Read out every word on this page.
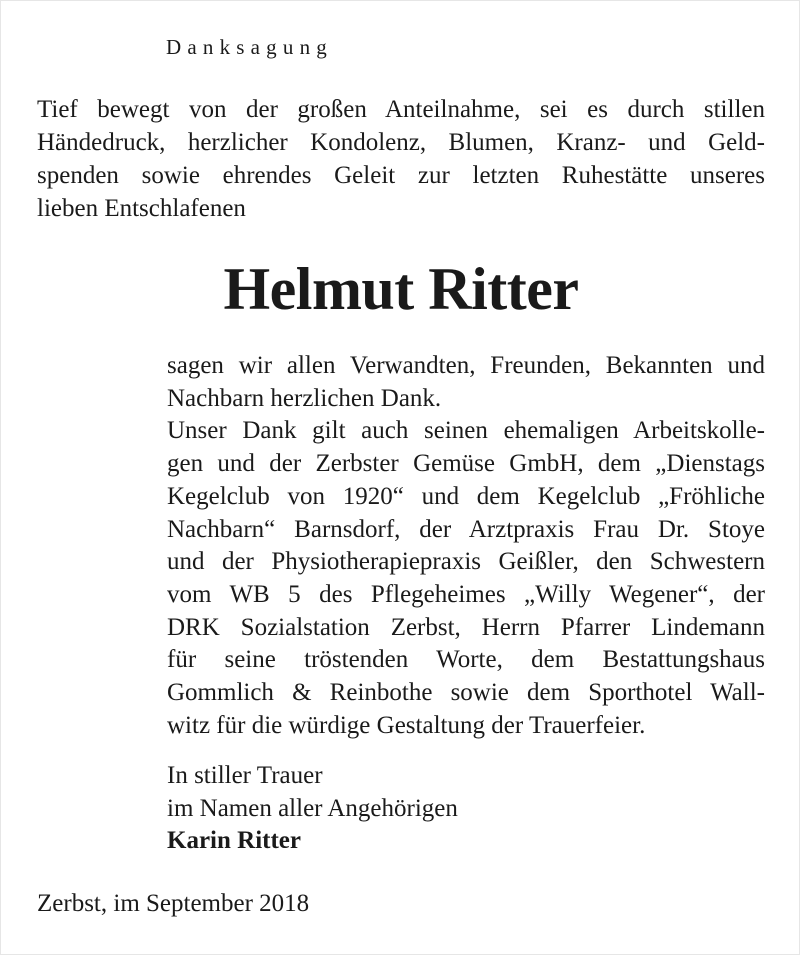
Danksagung
Tief bewegt von der großen Anteilnahme, sei es durch stillen
Händedruck, herzlicher Kondolenz, Blumen, Kranz- und Geld-
spenden sowie ehrendes Geleit zur letzten Ruhestätte unseres
lieben Entschlafenen
Helmut Ritter
sagen wir allen Verwandten, Freunden, Bekannten und
Nachbarn herzlichen Dank.
Unser Dank gilt auch seinen ehemaligen Arbeitskolle-
gen und der Zerbster Gemüse GmbH, dem „Dienstags
Kegelclub von 1920“ und dem Kegelclub „Fröhliche
Nachbarn“ Barnsdorf, der Arztpraxis Frau Dr. Stoye
und der Physiotherapiepraxis Geißler, den Schwestern
vom WB 5 des Pflegeheimes „Willy Wegener“, der
DRK Sozialstation Zerbst, Herrn Pfarrer Lindemann
für seine tröstenden Worte, dem Bestattungshaus
Gommlich & Reinbothe sowie dem Sporthotel Wall-
witz für die würdige Gestaltung der Trauerfeier.
In stiller Trauer
im Namen aller Angehörigen
Karin Ritter
Zerbst, im September 2018
